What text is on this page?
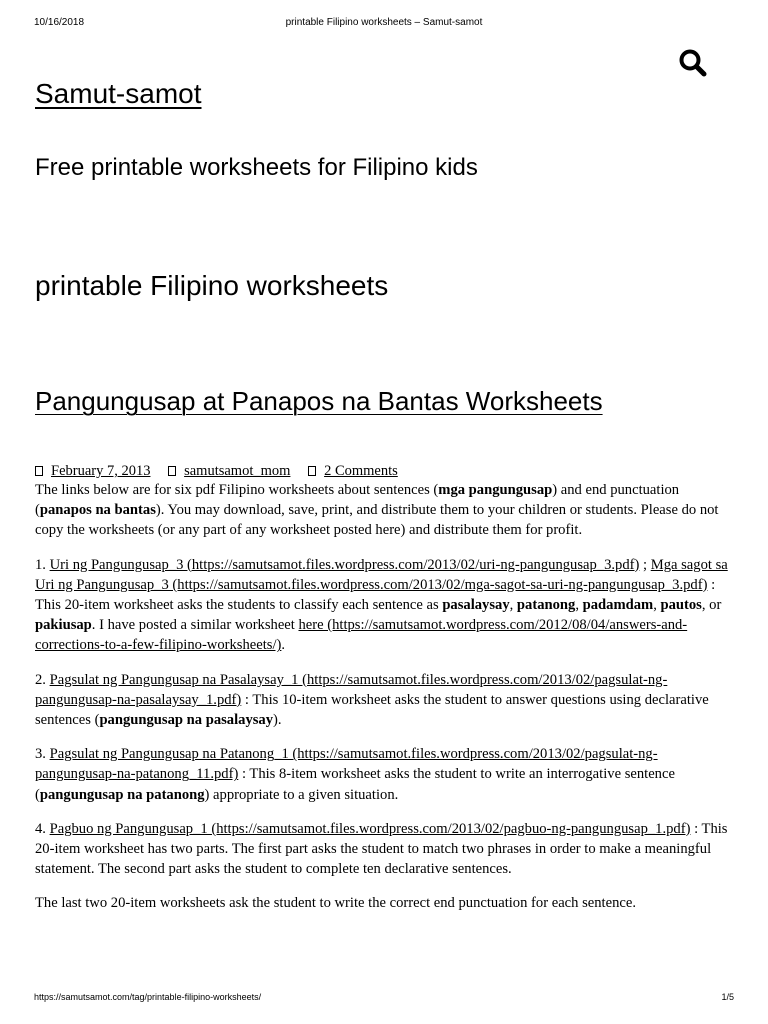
10/16/2018	printable Filipino worksheets – Samut-samot
Samut-samot
Free printable worksheets for Filipino kids
printable Filipino worksheets
Pangungusap at Panapos na Bantas Worksheets
February 7, 2013 samutsamot_mom 2 Comments

The links below are for six pdf Filipino worksheets about sentences (mga pangungusap) and end punctuation (panapos na bantas). You may download, save, print, and distribute them to your children or students. Please do not copy the worksheets (or any part of any worksheet posted here) and distribute them for profit.

1. Uri ng Pangungusap_3 (https://samutsamot.files.wordpress.com/2013/02/uri-ng-pangungusap_3.pdf) ; Mga sagot sa Uri ng Pangungusap_3 (https://samutsamot.files.wordpress.com/2013/02/mga-sagot-sa-uri-ng-pangungusap_3.pdf) : This 20-item worksheet asks the students to classify each sentence as pasalaysay, patanong, padamdam, pautos, or pakiusap. I have posted a similar worksheet here (https://samutsamot.wordpress.com/2012/08/04/answers-and-corrections-to-a-few-filipino-worksheets/).

2. Pagsulat ng Pangungusap na Pasalaysay_1 (https://samutsamot.files.wordpress.com/2013/02/pagsulat-ng-pangungusap-na-pasalaysay_1.pdf) : This 10-item worksheet asks the student to answer questions using declarative sentences (pangungusap na pasalaysay).

3. Pagsulat ng Pangungusap na Patanong_1 (https://samutsamot.files.wordpress.com/2013/02/pagsulat-ng-pangungusap-na-patanong_11.pdf) : This 8-item worksheet asks the student to write an interrogative sentence (pangungusap na patanong) appropriate to a given situation.

4. Pagbuo ng Pangungusap_1 (https://samutsamot.files.wordpress.com/2013/02/pagbuo-ng-pangungusap_1.pdf) : This 20-item worksheet has two parts. The first part asks the student to match two phrases in order to make a meaningful statement. The second part asks the student to complete ten declarative sentences.

The last two 20-item worksheets ask the student to write the correct end punctuation for each sentence.

https://samutsamot.com/tag/printable-filipino-worksheets/	1/5
